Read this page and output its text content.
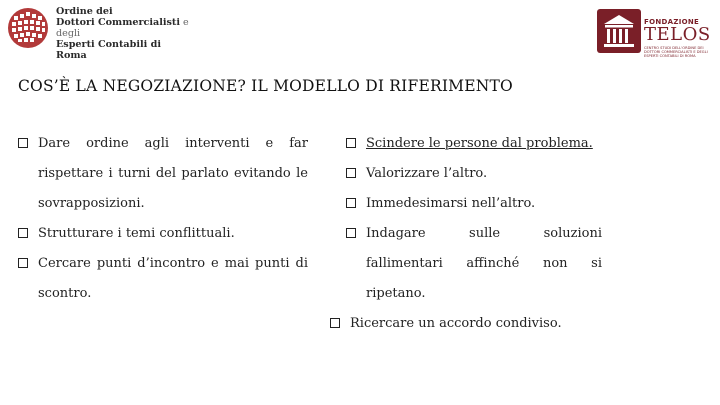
Ordine dei
Dottori Commercialisti e degli
Esperti Contabili di
Roma
FONDAZIONE
TELOS
CENTRO STUDI DELL'ORDINE DEI DOTTORI COMMERCIALISTI E DEGLI ESPERTI CONTABILI DI ROMA
COS’È LA NEGOZIAZIONE? IL MODELLO DI RIFERIMENTO
Dare ordine agli interventi e far rispettare i turni del parlato evitando le sovrapposizioni.
Strutturare i temi conflittuali.
Cercare punti d’incontro e mai punti di scontro.
Scindere le persone dal problema.
Valorizzare l’altro.
Immedesimarsi nell’altro.
Indagare sulle soluzioni fallimentari affinché non si ripetano.
Ricercare un accordo condiviso.
